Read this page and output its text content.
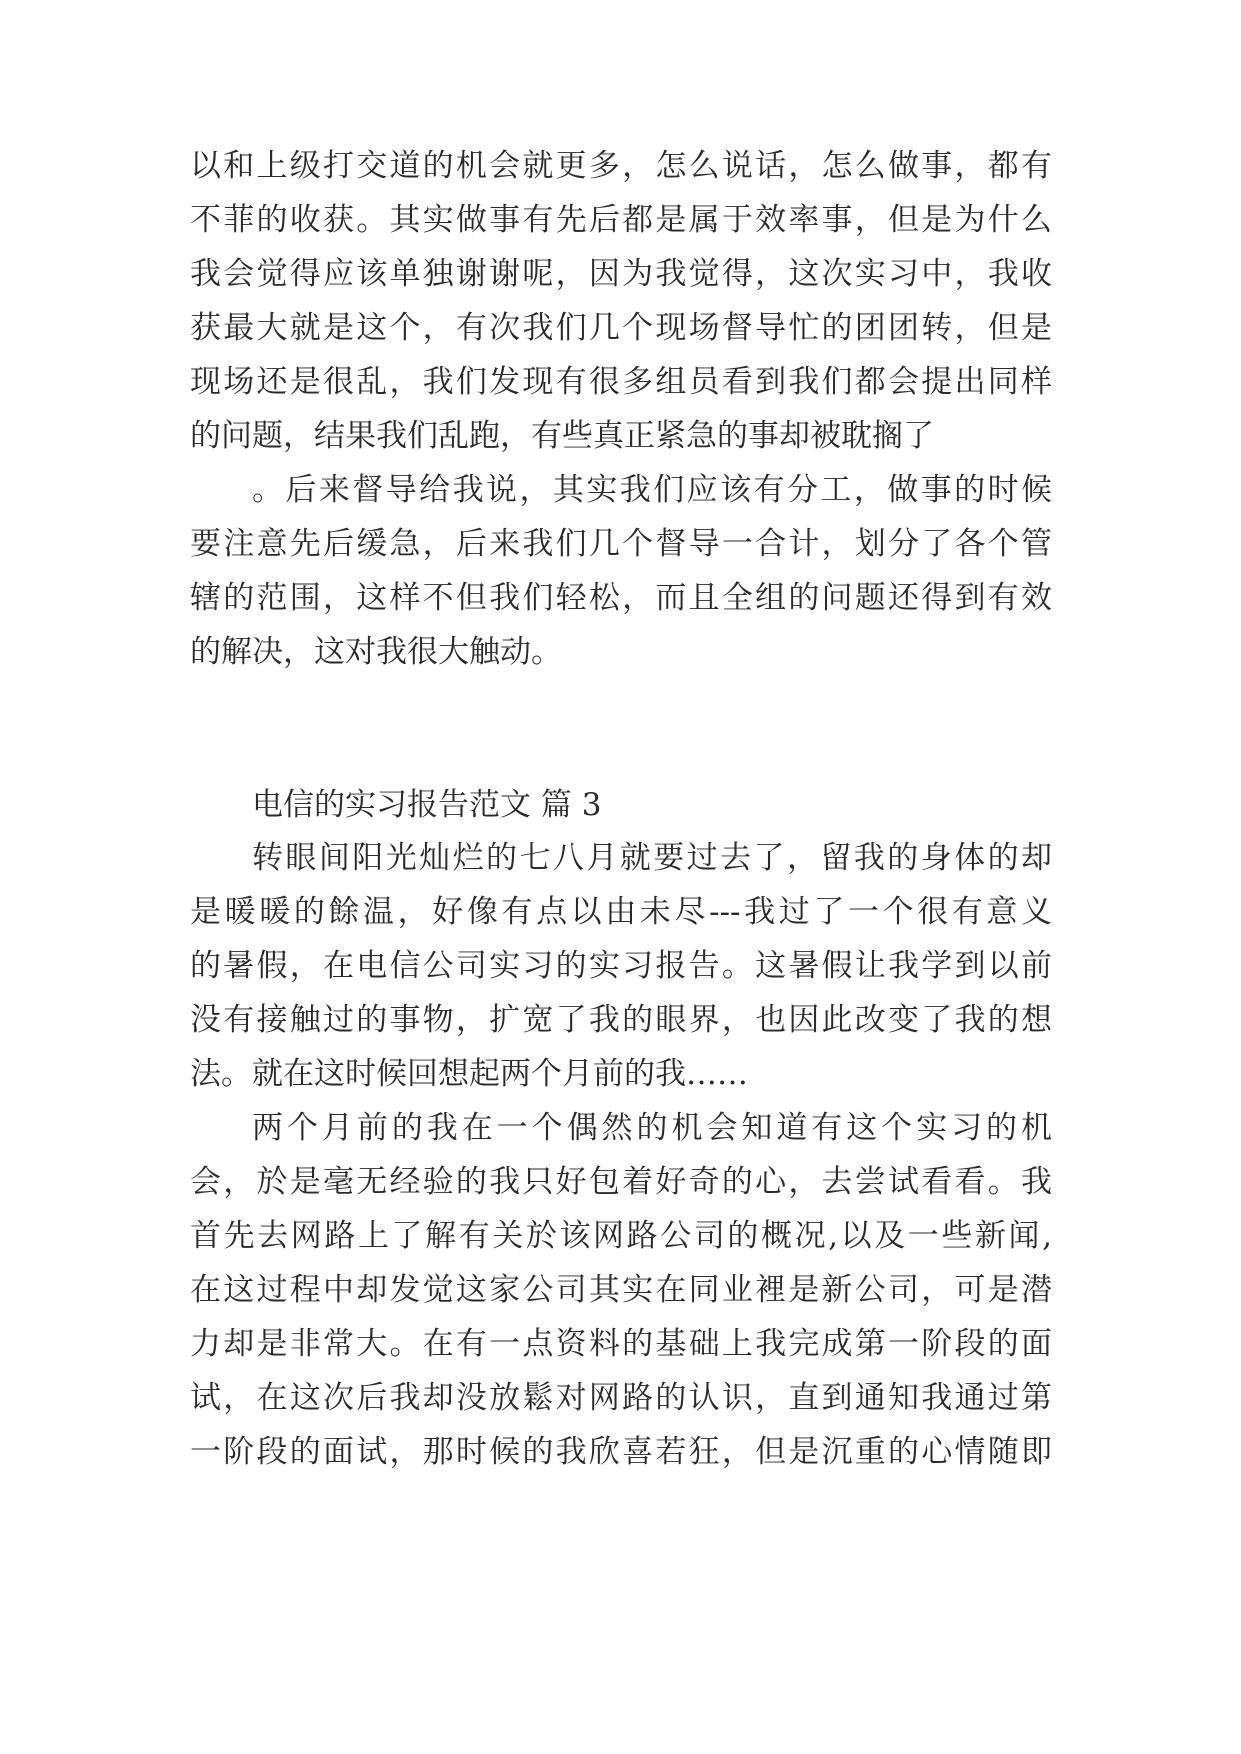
以和上级打交道的机会就更多，怎么说话，怎么做事，都有
不菲的收获。其实做事有先后都是属于效率事，但是为什么
我会觉得应该单独谢谢呢，因为我觉得，这次实习中，我收
获最大就是这个，有次我们几个现场督导忙的团团转，但是
现场还是很乱，我们发现有很多组员看到我们都会提出同样
的问题，结果我们乱跑，有些真正紧急的事却被耽搁了
。后来督导给我说，其实我们应该有分工，做事的时候
要注意先后缓急，后来我们几个督导一合计，划分了各个管
辖的范围，这样不但我们轻松，而且全组的问题还得到有效
的解决，这对我很大触动。
电信的实习报告范文 篇 3
转眼间阳光灿烂的七八月就要过去了，留我的身体的却
是暖暖的餘温，好像有点以由未尽---我过了一个很有意义
的暑假，在电信公司实习的实习报告。这暑假让我学到以前
没有接触过的事物，扩宽了我的眼界，也因此改变了我的想
法。就在这时候回想起两个月前的我……
两个月前的我在一个偶然的机会知道有这个实习的机
会，於是毫无经验的我只好包着好奇的心，去尝试看看。我
首先去网路上了解有关於该网路公司的概况,以及一些新闻,
在这过程中却发觉这家公司其实在同业裡是新公司，可是潜
力却是非常大。在有一点资料的基础上我完成第一阶段的面
试，在这次后我却没放鬆对网路的认识，直到通知我通过第
一阶段的面试，那时候的我欣喜若狂，但是沉重的心情随即
